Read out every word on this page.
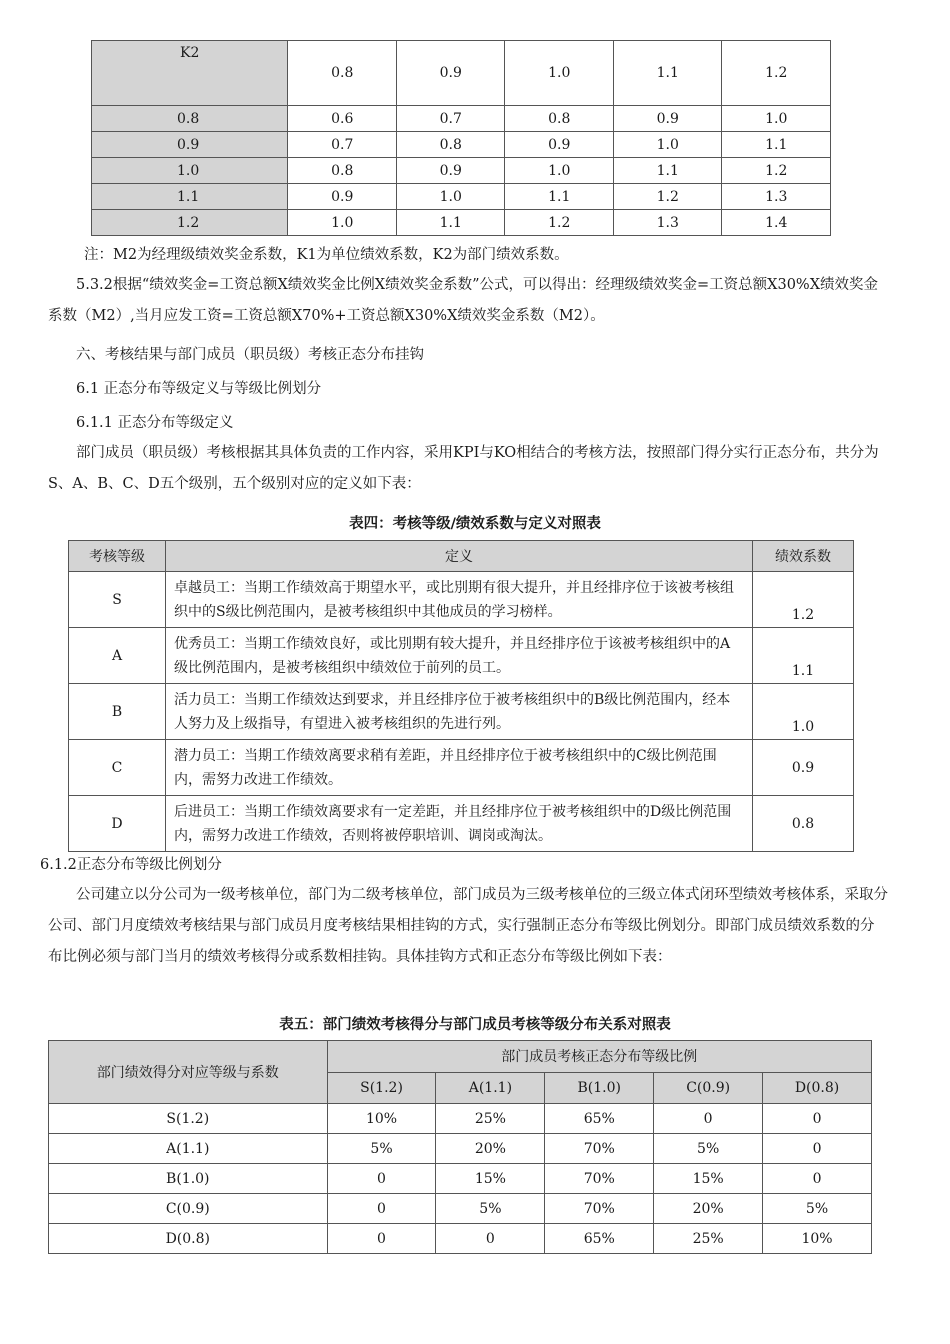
K2	0.8	0.9	1.0	1.1	1.2
0.8	0.6	0.7	0.8	0.9	1.0
0.9	0.7	0.8	0.9	1.0	1.1
1.0	0.8	0.9	1.0	1.1	1.2
1.1	0.9	1.0	1.1	1.2	1.3
1.2	1.0	1.1	1.2	1.3	1.4
注：M2为经理级绩效奖金系数，K1为单位绩效系数，K2为部门绩效系数。
5.3.2根据“绩效奖金=工资总额X绩效奖金比例X绩效奖金系数”公式，可以得出：经理级绩效奖金=工资总额X30%X绩效奖金系数（M2）,当月应发工资=工资总额X70%+工资总额X30%X绩效奖金系数（M2）。
六、考核结果与部门成员（职员级）考核正态分布挂钩
6.1 正态分布等级定义与等级比例划分
6.1.1 正态分布等级定义
部门成员（职员级）考核根据其具体负责的工作内容，采用KPI与KO相结合的考核方法，按照部门得分实行正态分布，共分为S、A、B、C、D五个级别，五个级别对应的定义如下表：
表四：考核等级/绩效系数与定义对照表
考核等级	定义	绩效系数
S	卓越员工：当期工作绩效高于期望水平，或比別期有很大提升，并且经排序位于该被考核组织中的S级比例范围内，是被考核组织中其他成员的学习榜样。	1.2
A	优秀员工：当期工作绩效良好，或比別期有较大提升，并且经排序位于该被考核组织中的A级比例范围内，是被考核组织中绩效位于前列的员工。	1.1
B	活力员工：当期工作绩效达到要求，并且经排序位于被考核组织中的B级比例范围内，经本人努力及上级指导，有望进入被考核组织的先进行列。	1.0
C	潜力员工：当期工作绩效离要求稍有差距，并且经排序位于被考核组织中的C级比例范围内，需努力改进工作绩效。	0.9
D	后进员工：当期工作绩效离要求有一定差距，并且经排序位于被考核组织中的D级比例范围内，需努力改进工作绩效，否则将被停职培训、调岗或淘汰。	0.8
6.1.2正态分布等级比例划分
公司建立以分公司为一级考核单位，部门为二级考核单位，部门成员为三级考核单位的三级立体式闭环型绩效考核体系，采取分公司、部门月度绩效考核结果与部门成员月度考核结果相挂钩的方式，实行强制正态分布等级比例划分。即部门成员绩效系数的分布比例必须与部门当月的绩效考核得分或系数相挂钩。具体挂钩方式和正态分布等级比例如下表：
表五：部门绩效考核得分与部门成员考核等级分布关系对照表
部门绩效得分对应等级与系数	部门成员考核正态分布等级比例				
	S(1.2)	A(1.1)	B(1.0)	C(0.9)	D(0.8)
S(1.2)	10%	25%	65%	0	0
A(1.1)	5%	20%	70%	5%	0
B(1.0)	0	15%	70%	15%	0
C(0.9)	0	5%	70%	20%	5%
D(0.8)	0	0	65%	25%	10%
